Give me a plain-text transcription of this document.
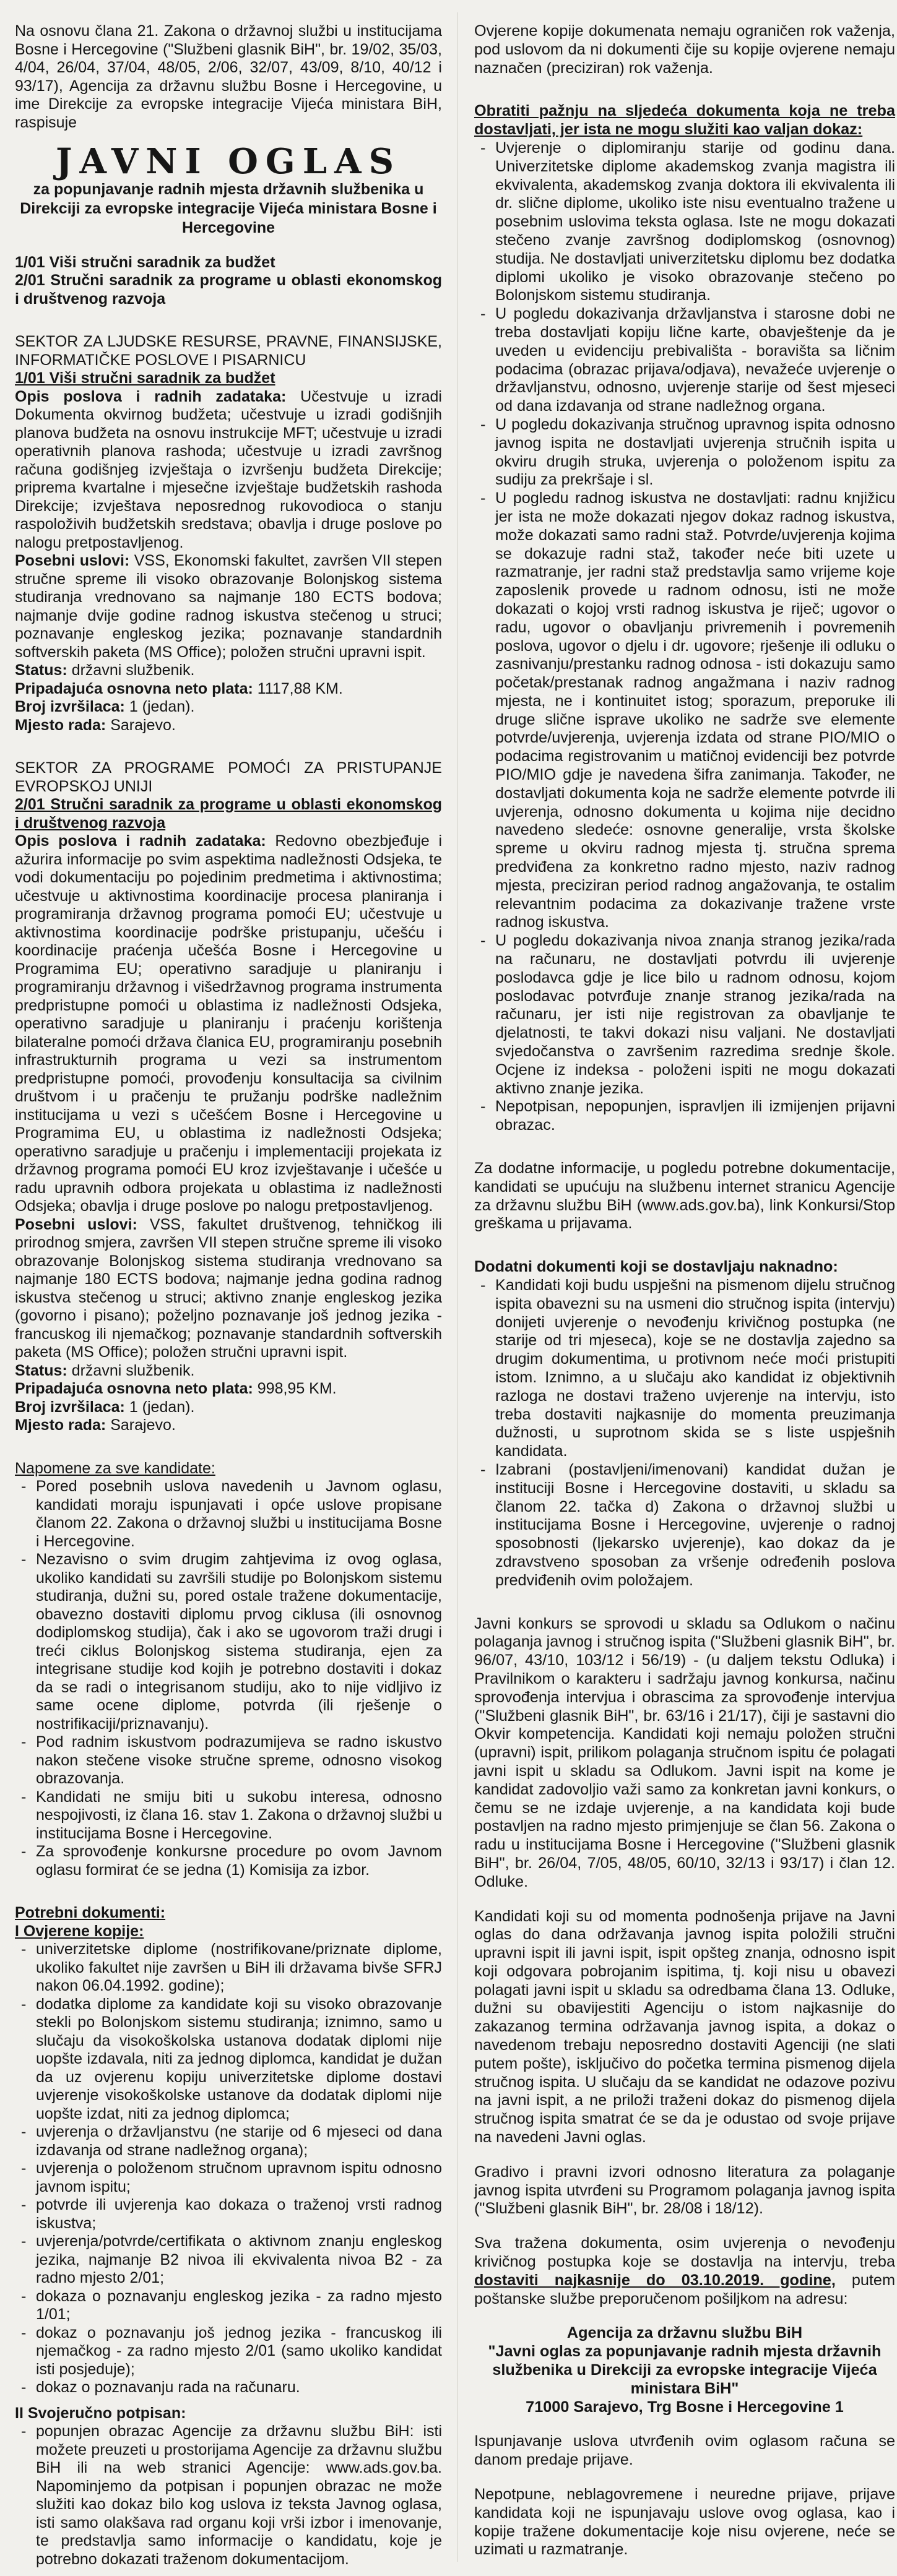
Na osnovu člana 21. Zakona o državnoj službi u institucijama Bosne i Hercegovine ("Službeni glasnik BiH", br. 19/02, 35/03, 4/04, 26/04, 37/04, 48/05, 2/06, 32/07, 43/09, 8/10, 40/12 i 93/17), Agencija za državnu službu Bosne i Hercegovine, u ime Direkcije za evropske integracije Vijeća ministara BiH, raspisuje

JAVNI OGLAS

za popunjavanje radnih mjesta državnih službenika u Direkciji za evropske integracije Vijeća ministara Bosne i Hercegovine

1/01 Viši stručni saradnik za budžet

2/01 Stručni saradnik za programe u oblasti ekonomskog i društvenog razvoja

SEKTOR ZA LJUDSKE RESURSE, PRAVNE, FINANSIJSKE, INFORMATIČKE POSLOVE I PISARNICU

1/01 Viši stručni saradnik za budžet

Opis poslova i radnih zadataka: Učestvuje u izradi Dokumenta okvirnog budžeta; učestvuje u izradi godišnjih planova budžeta na osnovu instrukcije MFT; učestvuje u izradi operativnih planova rashoda; učestvuje u izradi završnog računa godišnjeg izvještaja o izvršenju budžeta Direkcije; priprema kvartalne i mjesečne izvještaje budžetskih rashoda Direkcije; izvještava neposrednog rukovodioca o stanju raspoloživih budžetskih sredstava; obavlja i druge poslove po nalogu pretpostavljenog.

Posebni uslovi: VSS, Ekonomski fakultet, završen VII stepen stručne spreme ili visoko obrazovanje Bolonjskog sistema studiranja vrednovano sa najmanje 180 ECTS bodova; najmanje dvije godine radnog iskustva stečenog u struci; poznavanje engleskog jezika; poznavanje standardnih softverskih paketa (MS Office); položen stručni upravni ispit.

Status: državni službenik.

Pripadajuća osnovna neto plata: 1117,88 KM.

Broj izvršilaca: 1 (jedan).

Mjesto rada: Sarajevo.

SEKTOR ZA PROGRAME POMOĆI ZA PRISTUPANJE EVROPSKOJ UNIJI

2/01 Stručni saradnik za programe u oblasti ekonomskog i društvenog razvoja

Opis poslova i radnih zadataka: Redovno obezbjeđuje i ažurira informacije po svim aspektima nadležnosti Odsjeka, te vodi dokumentaciju po pojedinim predmetima i aktivnostima; učestvuje u aktivnostima koordinacije procesa planiranja i programiranja državnog programa pomoći EU; učestvuje u aktivnostima koordinacije podrške pristupanju, učešću i koordinacije praćenja učešća Bosne i Hercegovine u Programima EU; operativno saradjuje u planiranju i programiranju državnog i višedržavnog programa instrumenta predpristupne pomoći u oblastima iz nadležnosti Odsjeka, operativno saradjuje u planiranju i praćenju korištenja bilateralne pomoći država članica EU, programiranju posebnih infrastrukturnih programa u vezi sa instrumentom predpristupne pomoći, provođenju konsultacija sa civilnim društvom i u pračenju te pružanju podrške nadležnim institucijama u vezi s učešćem Bosne i Hercegovine u Programima EU, u oblastima iz nadležnosti Odsjeka; operativno saradjuje u pračenju i implementaciji projekata iz državnog programa pomoći EU kroz izvještavanje i učešće u radu upravnih odbora projekata u oblastima iz nadležnosti Odsjeka; obavlja i druge poslove po nalogu pretpostavljenog.

Posebni uslovi: VSS, fakultet društvenog, tehničkog ili prirodnog smjera, završen VII stepen stručne spreme ili visoko obrazovanje Bolonjskog sistema studiranja vrednovano sa najmanje 180 ECTS bodova; najmanje jedna godina radnog iskustva stečenog u struci; aktivno znanje engleskog jezika (govorno i pisano); poželjno poznavanje još jednog jezika - francuskog ili njemačkog; poznavanje standardnih softverskih paketa (MS Office); položen stručni upravni ispit.

Status: državni službenik.

Pripadajuća osnovna neto plata: 998,95 KM.

Broj izvršilaca: 1 (jedan).

Mjesto rada: Sarajevo.

Napomene za sve kandidate:

- Pored posebnih uslova navedenih u Javnom oglasu, kandidati moraju ispunjavati i opće uslove propisane članom 22. Zakona o državnoj službi u institucijama Bosne i Hercegovine.
- Nezavisno o svim drugim zahtjevima iz ovog oglasa, ukoliko kandidati su završili studije po Bolonjskom sistemu studiranja, dužni su, pored ostale tražene dokumentacije, obavezno dostaviti diplomu prvog ciklusa (ili osnovnog dodiplomskog studija), čak i ako se ugovorom traži drugi i treći ciklus Bolonjskog sistema studiranja, ejen za integrisane studije kod kojih je potrebno dostaviti i dokaz da se radi o integrisanom studiju, ako to nije vidljivo iz same ocene diplome, potvrda (ili rješenje o nostrifikaciji/priznavanju).
- Pod radnim iskustvom podrazumijeva se radno iskustvo nakon stečene visoke stručne spreme, odnosno visokog obrazovanja.
- Kandidati ne smiju biti u sukobu interesa, odnosno nespojivosti, iz člana 16. stav 1. Zakona o državnoj službi u institucijama Bosne i Hercegovine.
- Za sprovođenje konkursne procedure po ovom Javnom oglasu formirat će se jedna (1) Komisija za izbor.

Potrebni dokumenti:

I Ovjerene kopije:

- univerzitetske diplome (nostrifikovane/priznate diplome, ukoliko fakultet nije završen u BiH ili državama bivše SFRJ nakon 06.04.1992. godine);
- dodatka diplome za kandidate koji su visoko obrazovanje stekli po Bolonjskom sistemu studiranja; iznimno, samo u slučaju da visokoškolska ustanova dodatak diplomi nije uopšte izdavala, niti za jednog diplomca, kandidat je dužan da uz ovjerenu kopiju univerzitetske diplome dostavi uvjerenje visokoškolske ustanove da dodatak diplomi nije uopšte izdat, niti za jednog diplomca;
- uvjerenja o državljanstvu (ne starije od 6 mjeseci od dana izdavanja od strane nadležnog organa);
- uvjerenja o položenom stručnom upravnom ispitu odnosno javnom ispitu;
- potvrde ili uvjerenja kao dokaza o traženoj vrsti radnog iskustva;
- uvjerenja/potvrde/certifikata o aktivnom znanju engleskog jezika, najmanje B2 nivoa ili ekvivalenta nivoa B2 - za radno mjesto 2/01;
- dokaza o poznavanju engleskog jezika - za radno mjesto 1/01;
- dokaz o poznavanju još jednog jezika - francuskog ili njemačkog - za radno mjesto 2/01 (samo ukoliko kandidat isti posjeduje);
- dokaz o poznavanju rada na računaru.

II Svojeručno potpisan:

- popunjen obrazac Agencije za državnu službu BiH: isti možete preuzeti u prostorijama Agencije za državnu službu BiH ili na web stranici Agencije: www.ads.gov.ba. Napominjemo da potpisan i popunjen obrazac ne može služiti kao dokaz bilo kog uslova iz teksta Javnog oglasa, isti samo olakšava rad organu koji vrši izbor i imenovanje, te predstavlja samo informacije o kandidatu, koje je potrebno dokazati traženom dokumentacijom.

Ovjerene kopije dokumenata nemaju ograničen rok važenja, pod uslovom da ni dokumenti čije su kopije ovjerene nemaju naznačen (preciziran) rok važenja.

Obratiti pažnju na sljedeća dokumenta koja ne treba dostavljati, jer ista ne mogu služiti kao valjan dokaz:

- Uvjerenje o diplomiranju starije od godinu dana. Univerzitetske diplome akademskog zvanja magistra ili ekvivalenta, akademskog zvanja doktora ili ekvivalenta ili dr. slične diplome, ukoliko iste nisu eventualno tražene u posebnim uslovima teksta oglasa. Iste ne mogu dokazati stečeno zvanje završnog dodiplomskog (osnovnog) studija. Ne dostavljati univerzitetsku diplomu bez dodatka diplomi ukoliko je visoko obrazovanje stečeno po Bolonjskom sistemu studiranja.
- U pogledu dokazivanja državljanstva i starosne dobi ne treba dostavljati kopiju lične karte, obavještenje da je uveden u evidenciju prebivališta - boravišta sa ličnim podacima (obrazac prijava/odjava), nevažeće uvjerenje o državljanstvu, odnosno, uvjerenje starije od šest mjeseci od dana izdavanja od strane nadležnog organa.
- U pogledu dokazivanja stručnog upravnog ispita odnosno javnog ispita ne dostavljati uvjerenja stručnih ispita u okviru drugih struka, uvjerenja o položenom ispitu za sudiju za prekršaje i sl.
- U pogledu radnog iskustva ne dostavljati: radnu knjižicu jer ista ne može dokazati njegov dokaz radnog iskustva, može dokazati samo radni staž. Potvrde/uvjerenja kojima se dokazuje radni staž, također neće biti uzete u razmatranje, jer radni staž predstavlja samo vrijeme koje zaposlenik provede u radnom odnosu, isti ne može dokazati o kojoj vrsti radnog iskustva je riječ; ugovor o radu, ugovor o obavljanju privremenih i povremenih poslova, ugovor o djelu i dr. ugovore; rješenje ili odluku o zasnivanju/prestanku radnog odnosa - isti dokazuju samo početak/prestanak radnog angažmana i naziv radnog mjesta, ne i kontinuitet istog; sporazum, preporuke ili druge slične isprave ukoliko ne sadrže sve elemente potvrde/uvjerenja, uvjerenja izdata od strane PIO/MIO o podacima registrovanim u matičnoj evidenciji bez potvrde PIO/MIO gdje je navedena šifra zanimanja. Također, ne dostavljati dokumenta koja ne sadrže elemente potvrde ili uvjerenja, odnosno dokumenta u kojima nije decidno navedeno sledeće: osnovne generalije, vrsta školske spreme u okviru radnog mjesta tj. stručna sprema predviđena za konkretno radno mjesto, naziv radnog mjesta, preciziran period radnog angažovanja, te ostalim relevantnim podacima za dokazivanje tražene vrste radnog iskustva.
- U pogledu dokazivanja nivoa znanja stranog jezika/rada na računaru, ne dostavljati potvrdu ili uvjerenje poslodavca gdje je lice bilo u radnom odnosu, kojom poslodavac potvrđuje znanje stranog jezika/rada na računaru, jer isti nije registrovan za obavljanje te djelatnosti, te takvi dokazi nisu valjani. Ne dostavljati svjedočanstva o završenim razredima srednje škole. Ocjene iz indeksa - položeni ispiti ne mogu dokazati aktivno znanje jezika.
- Nepotpisan, nepopunjen, ispravljen ili izmijenjen prijavni obrazac.

Za dodatne informacije, u pogledu potrebne dokumentacije, kandidati se upućuju na službenu internet stranicu Agencije za državnu službu BiH (www.ads.gov.ba), link Konkursi/Stop greškama u prijavama.

Dodatni dokumenti koji se dostavljaju naknadno:

- Kandidati koji budu uspješni na pismenom dijelu stručnog ispita obavezni su na usmeni dio stručnog ispita (intervju) donijeti uvjerenje o nevođenju krivičnog postupka (ne starije od tri mjeseca), koje se ne dostavlja zajedno sa drugim dokumentima, u protivnom neće moći pristupiti istom. Iznimno, a u slučaju ako kandidat iz objektivnih razloga ne dostavi traženo uvjerenje na intervju, isto treba dostaviti najkasnije do momenta preuzimanja dužnosti, u suprotnom skida se s liste uspješnih kandidata.
- Izabrani (postavljeni/imenovani) kandidat dužan je instituciji Bosne i Hercegovine dostaviti, u skladu sa članom 22. tačka d) Zakona o državnoj službi u institucijama Bosne i Hercegovine, uvjerenje o radnoj sposobnosti (ljekarsko uvjerenje), kao dokaz da je zdravstveno sposoban za vršenje određenih poslova predviđenih ovim položajem.

Javni konkurs se sprovodi u skladu sa Odlukom o načinu polaganja javnog i stručnog ispita ("Službeni glasnik BiH", br. 96/07, 43/10, 103/12 i 56/19) - (u daljem tekstu Odluka) i Pravilnikom o karakteru i sadržaju javnog konkursa, načinu sprovođenja intervjua i obrascima za sprovođenje intervjua ("Službeni glasnik BiH", br. 63/16 i 21/17), čiji je sastavni dio Okvir kompetencija. Kandidati koji nemaju položen stručni (upravni) ispit, prilikom polaganja stručnom ispitu će polagati javni ispit u skladu sa Odlukom. Javni ispit na kome je kandidat zadovoljio važi samo za konkretan javni konkurs, o čemu se ne izdaje uvjerenje, a na kandidata koji bude postavljen na radno mjesto primjenjuje se član 56. Zakona o radu u institucijama Bosne i Hercegovine ("Službeni glasnik BiH", br. 26/04, 7/05, 48/05, 60/10, 32/13 i 93/17) i član 12. Odluke.

Kandidati koji su od momenta podnošenja prijave na Javni oglas do dana održavanja javnog ispita položili stručni upravni ispit ili javni ispit, ispit opšteg znanja, odnosno ispit koji odgovara pobrojanim ispitima, tj. koji nisu u obavezi polagati javni ispit u skladu sa odredbama člana 13. Odluke, dužni su obavijestiti Agenciju o istom najkasnije do zakazanog termina održavanja javnog ispita, a dokaz o navedenom trebaju neposredno dostaviti Agenciji (ne slati putem pošte), isključivo do početka termina pismenog dijela stručnog ispita. U slučaju da se kandidat ne odazove pozivu na javni ispit, a ne priloži traženi dokaz do pismenog dijela stručnog ispita smatrat će se da je odustao od svoje prijave na navedeni Javni oglas.

Gradivo i pravni izvori odnosno literatura za polaganje javnog ispita utvrđeni su Programom polaganja javnog ispita ("Službeni glasnik BiH", br. 28/08 i 18/12).

Sva tražena dokumenta, osim uvjerenja o nevođenju krivičnog postupka koje se dostavlja na intervju, treba dostaviti najkasnije do 03.10.2019. godine, putem poštanske službe preporučenom pošiljkom na adresu:

Agencija za državnu službu BiH

"Javni oglas za popunjavanje radnih mjesta državnih službenika u Direkciji za evropske integracije Vijeća ministara BiH"

71000 Sarajevo, Trg Bosne i Hercegovine 1

Ispunjavanje uslova utvrđenih ovim oglasom računa se danom predaje prijave.

Nepotpune, neblagovremene i neuredne prijave, prijave kandidata koji ne ispunjavaju uslove ovog oglasa, kao i kopije tražene dokumentacije koje nisu ovjerene, neće se uzimati u razmatranje.
